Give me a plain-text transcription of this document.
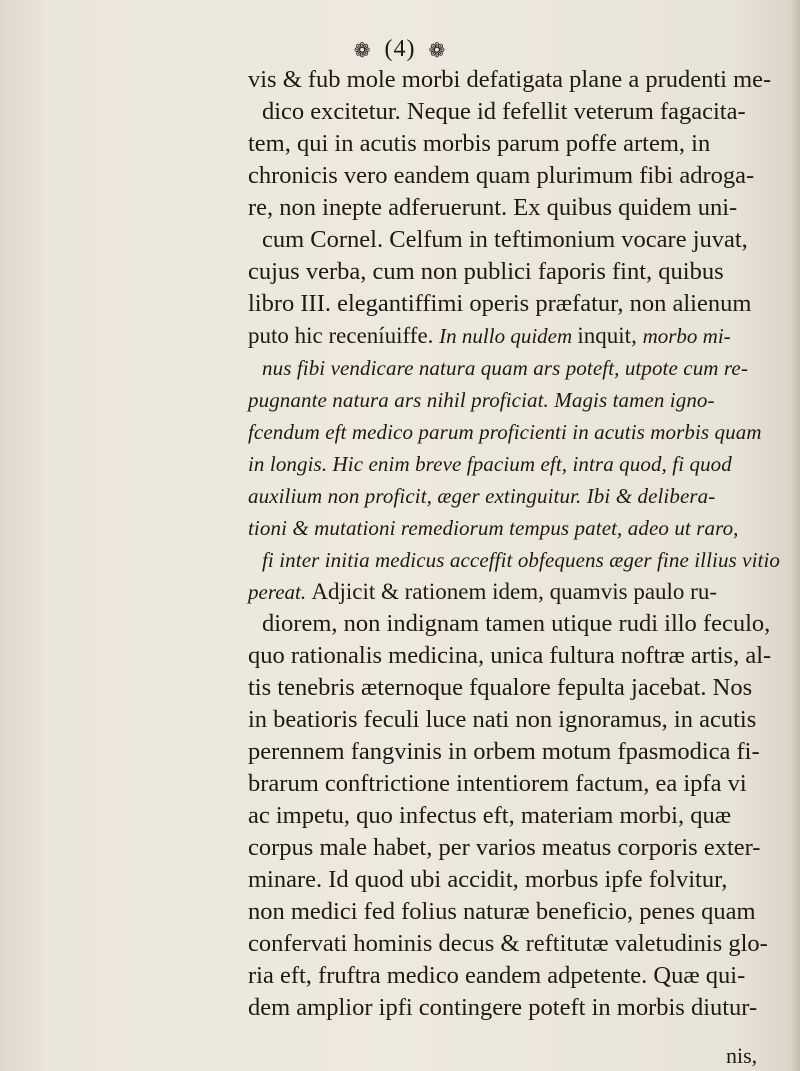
❁ (4) ❁
vis & fub mole morbi defatigata plane a prudenti me-
dico excitetur. Neque id fefellit veterum fagacita-
tem, qui in acutis morbis parum poffe artem, in
chronicis vero eandem quam plurimum fibi adroga-
re, non inepte adferuerunt. Ex quibus quidem uni-
cum Cornel. Celfum in teftimonium vocare juvat,
cujus verba, cum non publici faporis fint, quibus
libro III. elegantiffimi operis præfatur, non alienum
puto hic receníuiffe. In nullo quidem inquit, morbo mi-
nus fibi vendicare natura quam ars poteft, utpote cum re-
pugnante natura ars nihil proficiat. Magis tamen igno-
fcendum eft medico parum proficienti in acutis morbis quam
in longis. Hic enim breve fpacium eft, intra quod, fi quod
auxilium non proficit, æger extinguitur. Ibi & delibera-
tioni & mutationi remediorum tempus patet, adeo ut raro,
fi inter initia medicus acceffit obfequens æger fine illius vitio
pereat. Adjicit & rationem idem, quamvis paulo ru-
diorem, non indignam tamen utique rudi illo feculo,
quo rationalis medicina, unica fultura noftræ artis, al-
tis tenebris æternoque fqualore fepulta jacebat. Nos
in beatioris feculi luce nati non ignoramus, in acutis
perennem fangvinis in orbem motum fpasmodica fi-
brarum conftrictione intentiorem factum, ea ipfa vi
ac impetu, quo infectus eft, materiam morbi, quæ
corpus male habet, per varios meatus corporis exter-
minare. Id quod ubi accidit, morbus ipfe folvitur,
non medici fed folius naturæ beneficio, penes quam
confervati hominis decus & reftitutæ valetudinis glo-
ria eft, fruftra medico eandem adpetente. Quæ qui-
dem amplior ipfi contingere poteft in morbis diutur-
nis,
